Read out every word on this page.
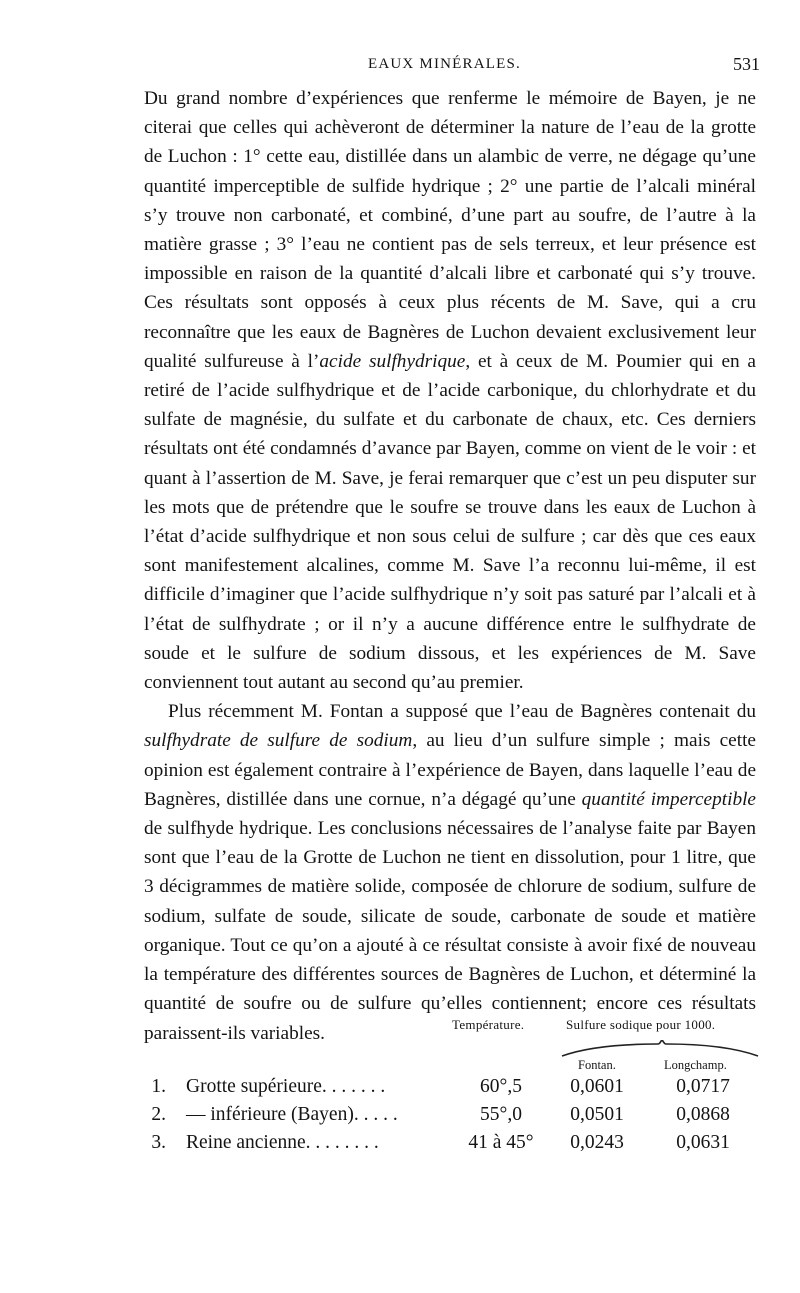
EAUX MINÉRALES.	531

Du grand nombre d’expériences que renferme le mémoire de Bayen, je ne citerai que celles qui achèveront de déterminer la nature de l’eau de la grotte de Luchon : 1° cette eau, distillée dans un alambic de verre, ne dégage qu’une quantité imperceptible de sulfide hydrique ; 2° une partie de l’alcali minéral s’y trouve non carbonaté, et combiné, d’une part au soufre, de l’autre à la matière grasse ; 3° l’eau ne contient pas de sels terreux, et leur présence est impossible en raison de la quantité d’alcali libre et carbonaté qui s’y trouve. Ces résultats sont opposés à ceux plus récents de M. Save, qui a cru reconnaître que les eaux de Bagnères de Luchon devaient exclusivement leur qualité sulfureuse à l’acide sulfhydrique, et à ceux de M. Poumier qui en a retiré de l’acide sulfhydrique et de l’acide carbonique, du chlorhydrate et du sulfate de magnésie, du sulfate et du carbonate de chaux, etc. Ces derniers résultats ont été condamnés d’avance par Bayen, comme on vient de le voir : et quant à l’assertion de M. Save, je ferai remarquer que c’est un peu disputer sur les mots que de prétendre que le soufre se trouve dans les eaux de Luchon à l’état d’acide sulfhydrique et non sous celui de sulfure ; car dès que ces eaux sont manifestement alcalines, comme M. Save l’a reconnu lui-même, il est difficile d’imaginer que l’acide sulfhydrique n’y soit pas saturé par l’alcali et à l’état de sulfhydrate ; or il n’y a aucune différence entre le sulfhydrate de soude et le sulfure de sodium dissous, et les expériences de M. Save conviennent tout autant au second qu’au premier.

Plus récemment M. Fontan a supposé que l’eau de Bagnères contenait du sulfhydrate de sulfure de sodium, au lieu d’un sulfure simple ; mais cette opinion est également contraire à l’expérience de Bayen, dans laquelle l’eau de Bagnères, distillée dans une cornue, n’a dégagé qu’une quantité imperceptible de sulfhyde hydrique. Les conclusions nécessaires de l’analyse faite par Bayen sont que l’eau de la Grotte de Luchon ne tient en dissolution, pour 1 litre, que 3 décigrammes de matière solide, composée de chlorure de sodium, sulfure de sodium, sulfate de soude, silicate de soude, carbonate de soude et matière organique. Tout ce qu’on a ajouté à ce résultat consiste à avoir fixé de nouveau la température des différentes sources de Bagnères de Luchon, et déterminé la quantité de soufre ou de sulfure qu’elles contiennent; encore ces résultats paraissent-ils variables.	Température.	Sulfure sodique pour 1000.
Fontan.	Longchamp.
1. Grotte supérieure. . . . . . .	60°,5	0,0601	0,0717
2. — inférieure (Bayen). . . . .	55°,0	0,0501	0,0868
3. Reine ancienne. . . . . . . .	41 à 45°	0,0243	0,0631
